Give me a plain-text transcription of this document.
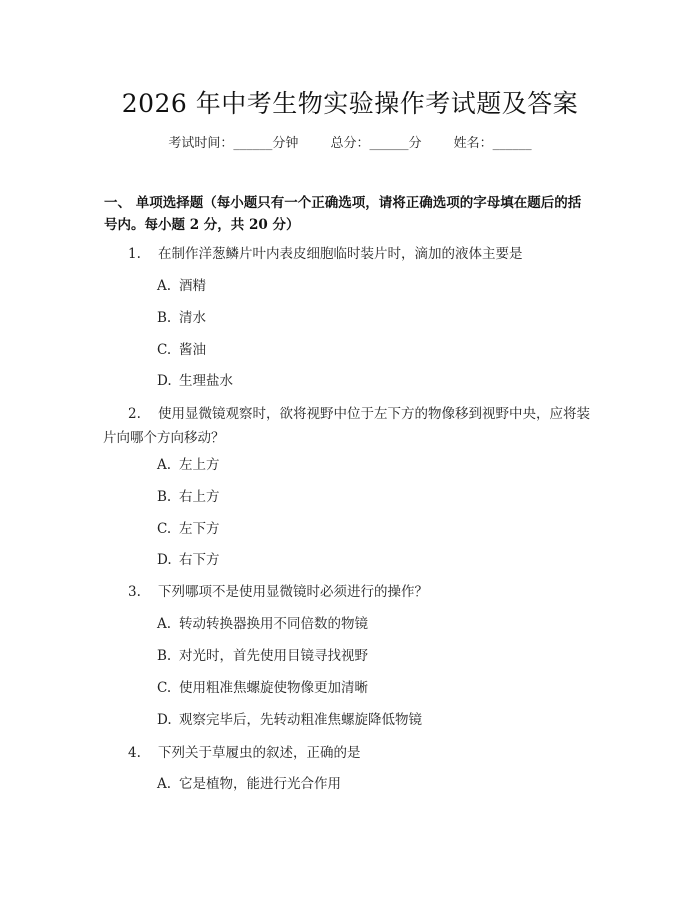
2026 年中考生物实验操作考试题及答案
考试时间：______分钟 总分：______分 姓名：______
一、 单项选择题（每小题只有一个正确选项，请将正确选项的字母填在题后的括
号内。每小题 2 分，共 20 分）
1. 在制作洋葱鳞片叶内表皮细胞临时装片时，滴加的液体主要是
A. 酒精
B. 清水
C. 酱油
D. 生理盐水
2. 使用显微镜观察时，欲将视野中位于左下方的物像移到视野中央，应将装
片向哪个方向移动？
A. 左上方
B. 右上方
C. 左下方
D. 右下方
3. 下列哪项不是使用显微镜时必须进行的操作？
A. 转动转换器换用不同倍数的物镜
B. 对光时，首先使用目镜寻找视野
C. 使用粗准焦螺旋使物像更加清晰
D. 观察完毕后，先转动粗准焦螺旋降低物镜
4. 下列关于草履虫的叙述，正确的是
A. 它是植物，能进行光合作用
